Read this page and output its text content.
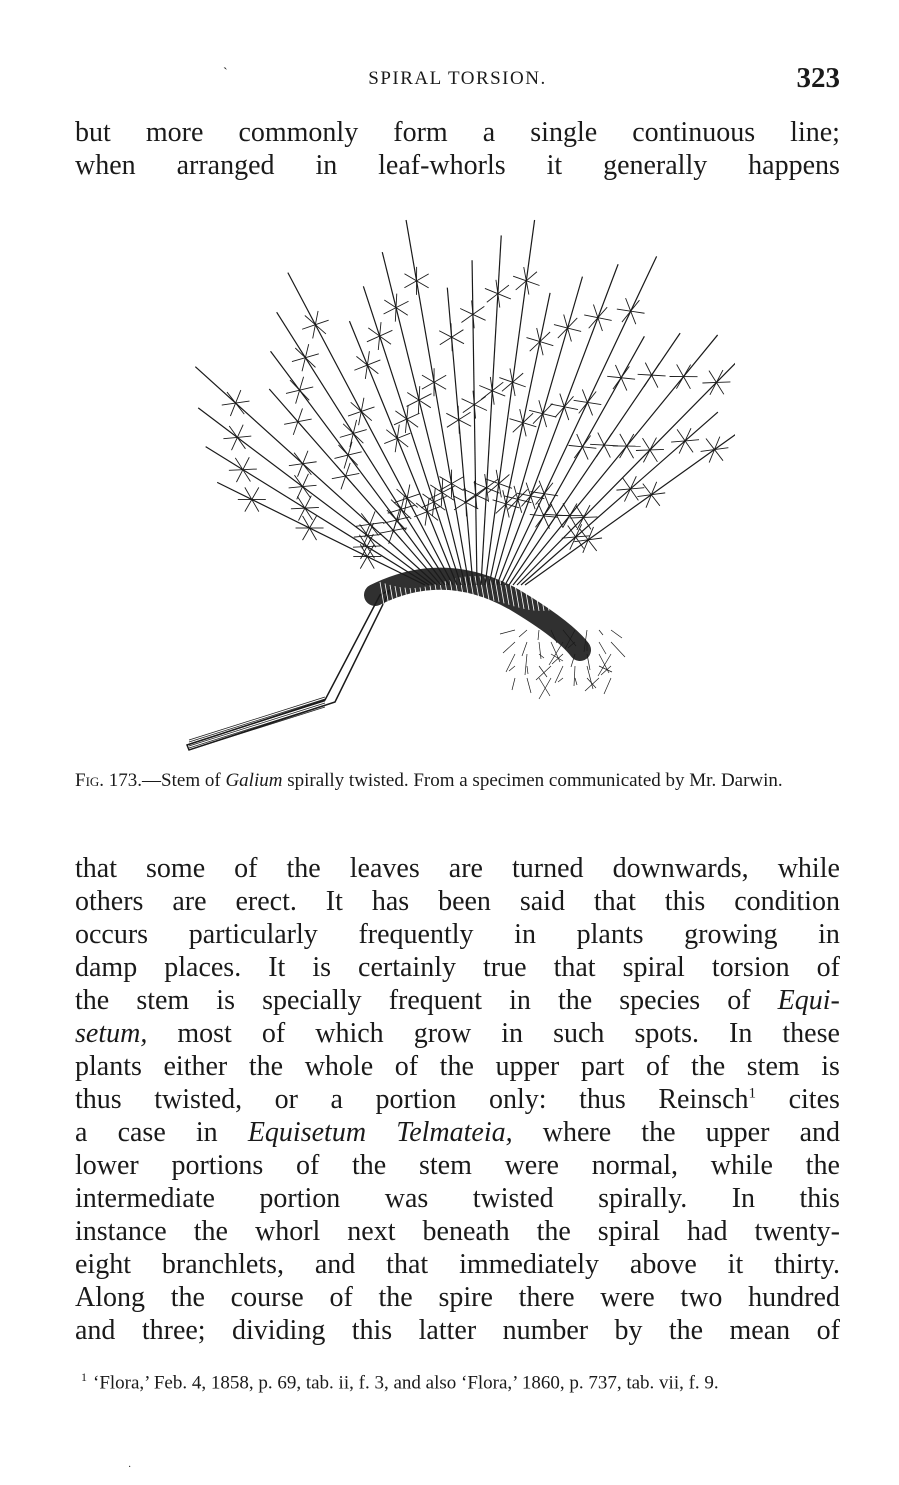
ˋ	SPIRAL TORSION.	323
but more commonly form a single continuous line;
when arranged in leaf-whorls it generally happens
Fig. 173.—Stem of Galium spirally twisted. From a specimen communicated by Mr. Darwin.
that some of the leaves are turned downwards, while
others are erect. It has been said that this condition
occurs particularly frequently in plants growing in
damp places. It is certainly true that spiral torsion of
the stem is specially frequent in the species of Equi-
setum, most of which grow in such spots. In these
plants either the whole of the upper part of the stem is
thus twisted, or a portion only: thus Reinsch$^1$ cites
a case in Equisetum Telmateia, where the upper and
lower portions of the stem were normal, while the
intermediate portion was twisted spirally. In this
instance the whorl next beneath the spiral had twenty-
eight branchlets, and that immediately above it thirty.
Along the course of the spire there were two hundred
and three; dividing this latter number by the mean of
$^1$ ‘Flora,’ Feb. 4, 1858, p. 69, tab. ii, f. 3, and also ‘Flora,’ 1860, p. 737, tab. vii, f. 9.
·
